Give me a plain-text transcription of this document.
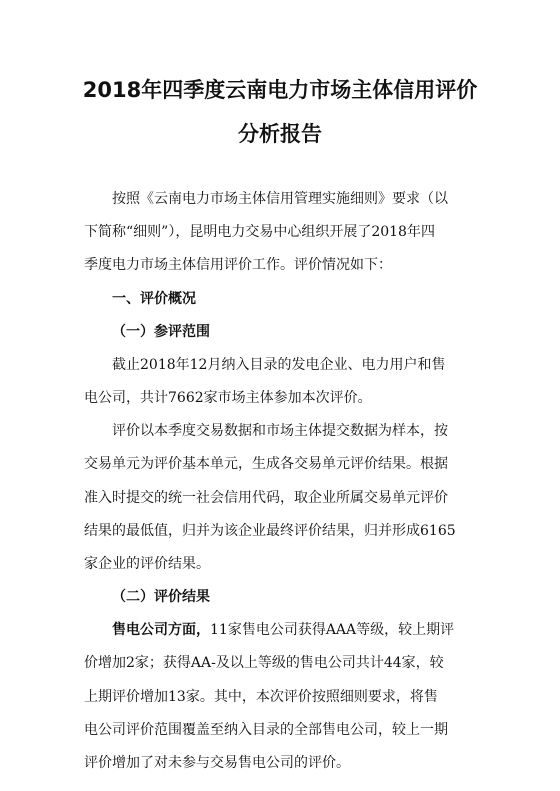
2018年四季度云南电力市场主体信用评价
分析报告
按照《云南电力市场主体信用管理实施细则》要求（以
下简称“细则”），昆明电力交易中心组织开展了2018年四
季度电力市场主体信用评价工作。评价情况如下：
一、评价概况
（一）参评范围
截止2018年12月纳入目录的发电企业、电力用户和售
电公司，共计7662家市场主体参加本次评价。
评价以本季度交易数据和市场主体提交数据为样本，按
交易单元为评价基本单元，生成各交易单元评价结果。根据
准入时提交的统一社会信用代码，取企业所属交易单元评价
结果的最低值，归并为该企业最终评价结果，归并形成6165
家企业的评价结果。
（二）评价结果
售电公司方面，11家售电公司获得AAA等级，较上期评
价增加2家；获得AA-及以上等级的售电公司共计44家，较
上期评价增加13家。其中，本次评价按照细则要求，将售
电公司评价范围覆盖至纳入目录的全部售电公司，较上一期
评价增加了对未参与交易售电公司的评价。
